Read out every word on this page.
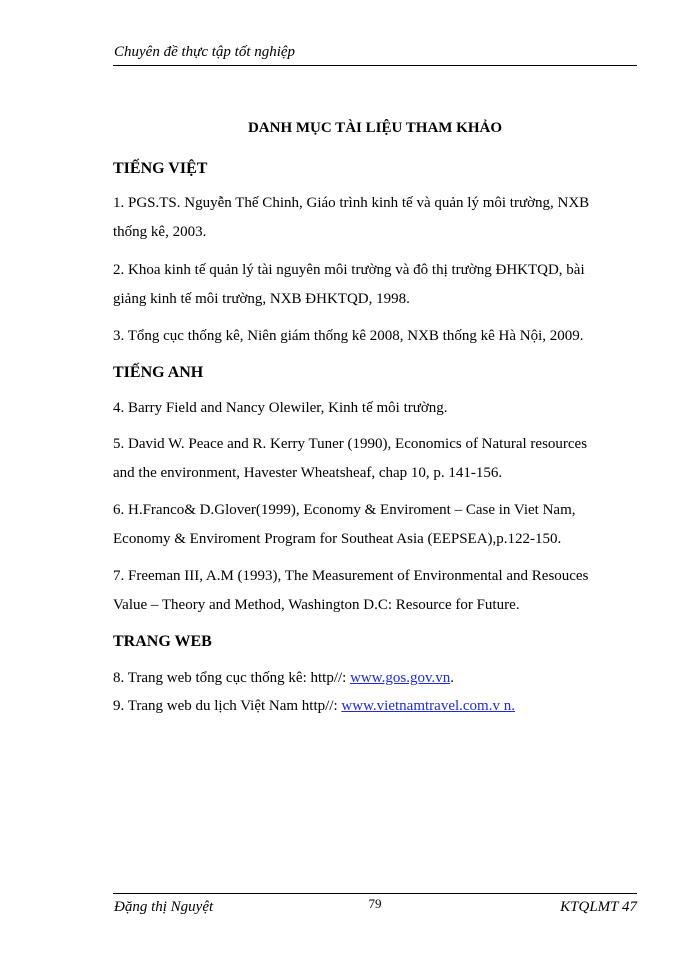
Chuyên đề thực tập tốt nghiệp
DANH MỤC TÀI LIỆU THAM KHẢO
TIẾNG VIỆT
1. PGS.TS. Nguyễn Thế Chinh, Giáo trình kinh tế và quản lý môi trường, NXB
thống kê, 2003.
2. Khoa kinh tế quản lý tài nguyên môi trường và đô thị trường ĐHKTQD, bài
giảng kinh tế môi trường, NXB ĐHKTQD, 1998.
3. Tổng cục thống kê, Niên giám thống kê 2008, NXB thống kê Hà Nội, 2009.
TIẾNG ANH
4. Barry Field and Nancy Olewiler, Kinh tế môi trường.
5. David W. Peace and R. Kerry Tuner (1990), Economics of Natural resources
and the environment, Havester Wheatsheaf, chap 10, p. 141-156.
6. H.Franco& D.Glover(1999), Economy & Enviroment – Case in Viet Nam,
Economy & Enviroment Program for Southeat Asia (EEPSEA),p.122-150.
7. Freeman III, A.M (1993), The Measurement of Environmental and Resouces
Value – Theory and Method, Washington D.C: Resource for Future.
TRANG WEB
8. Trang web tổng cục thống kê: http//: www.gos.gov.vn.
9. Trang web du lịch Việt Nam http//: www.vietnamtravel.com.v n.
Đặng thị Nguyệt	79	KTQLMT 47
